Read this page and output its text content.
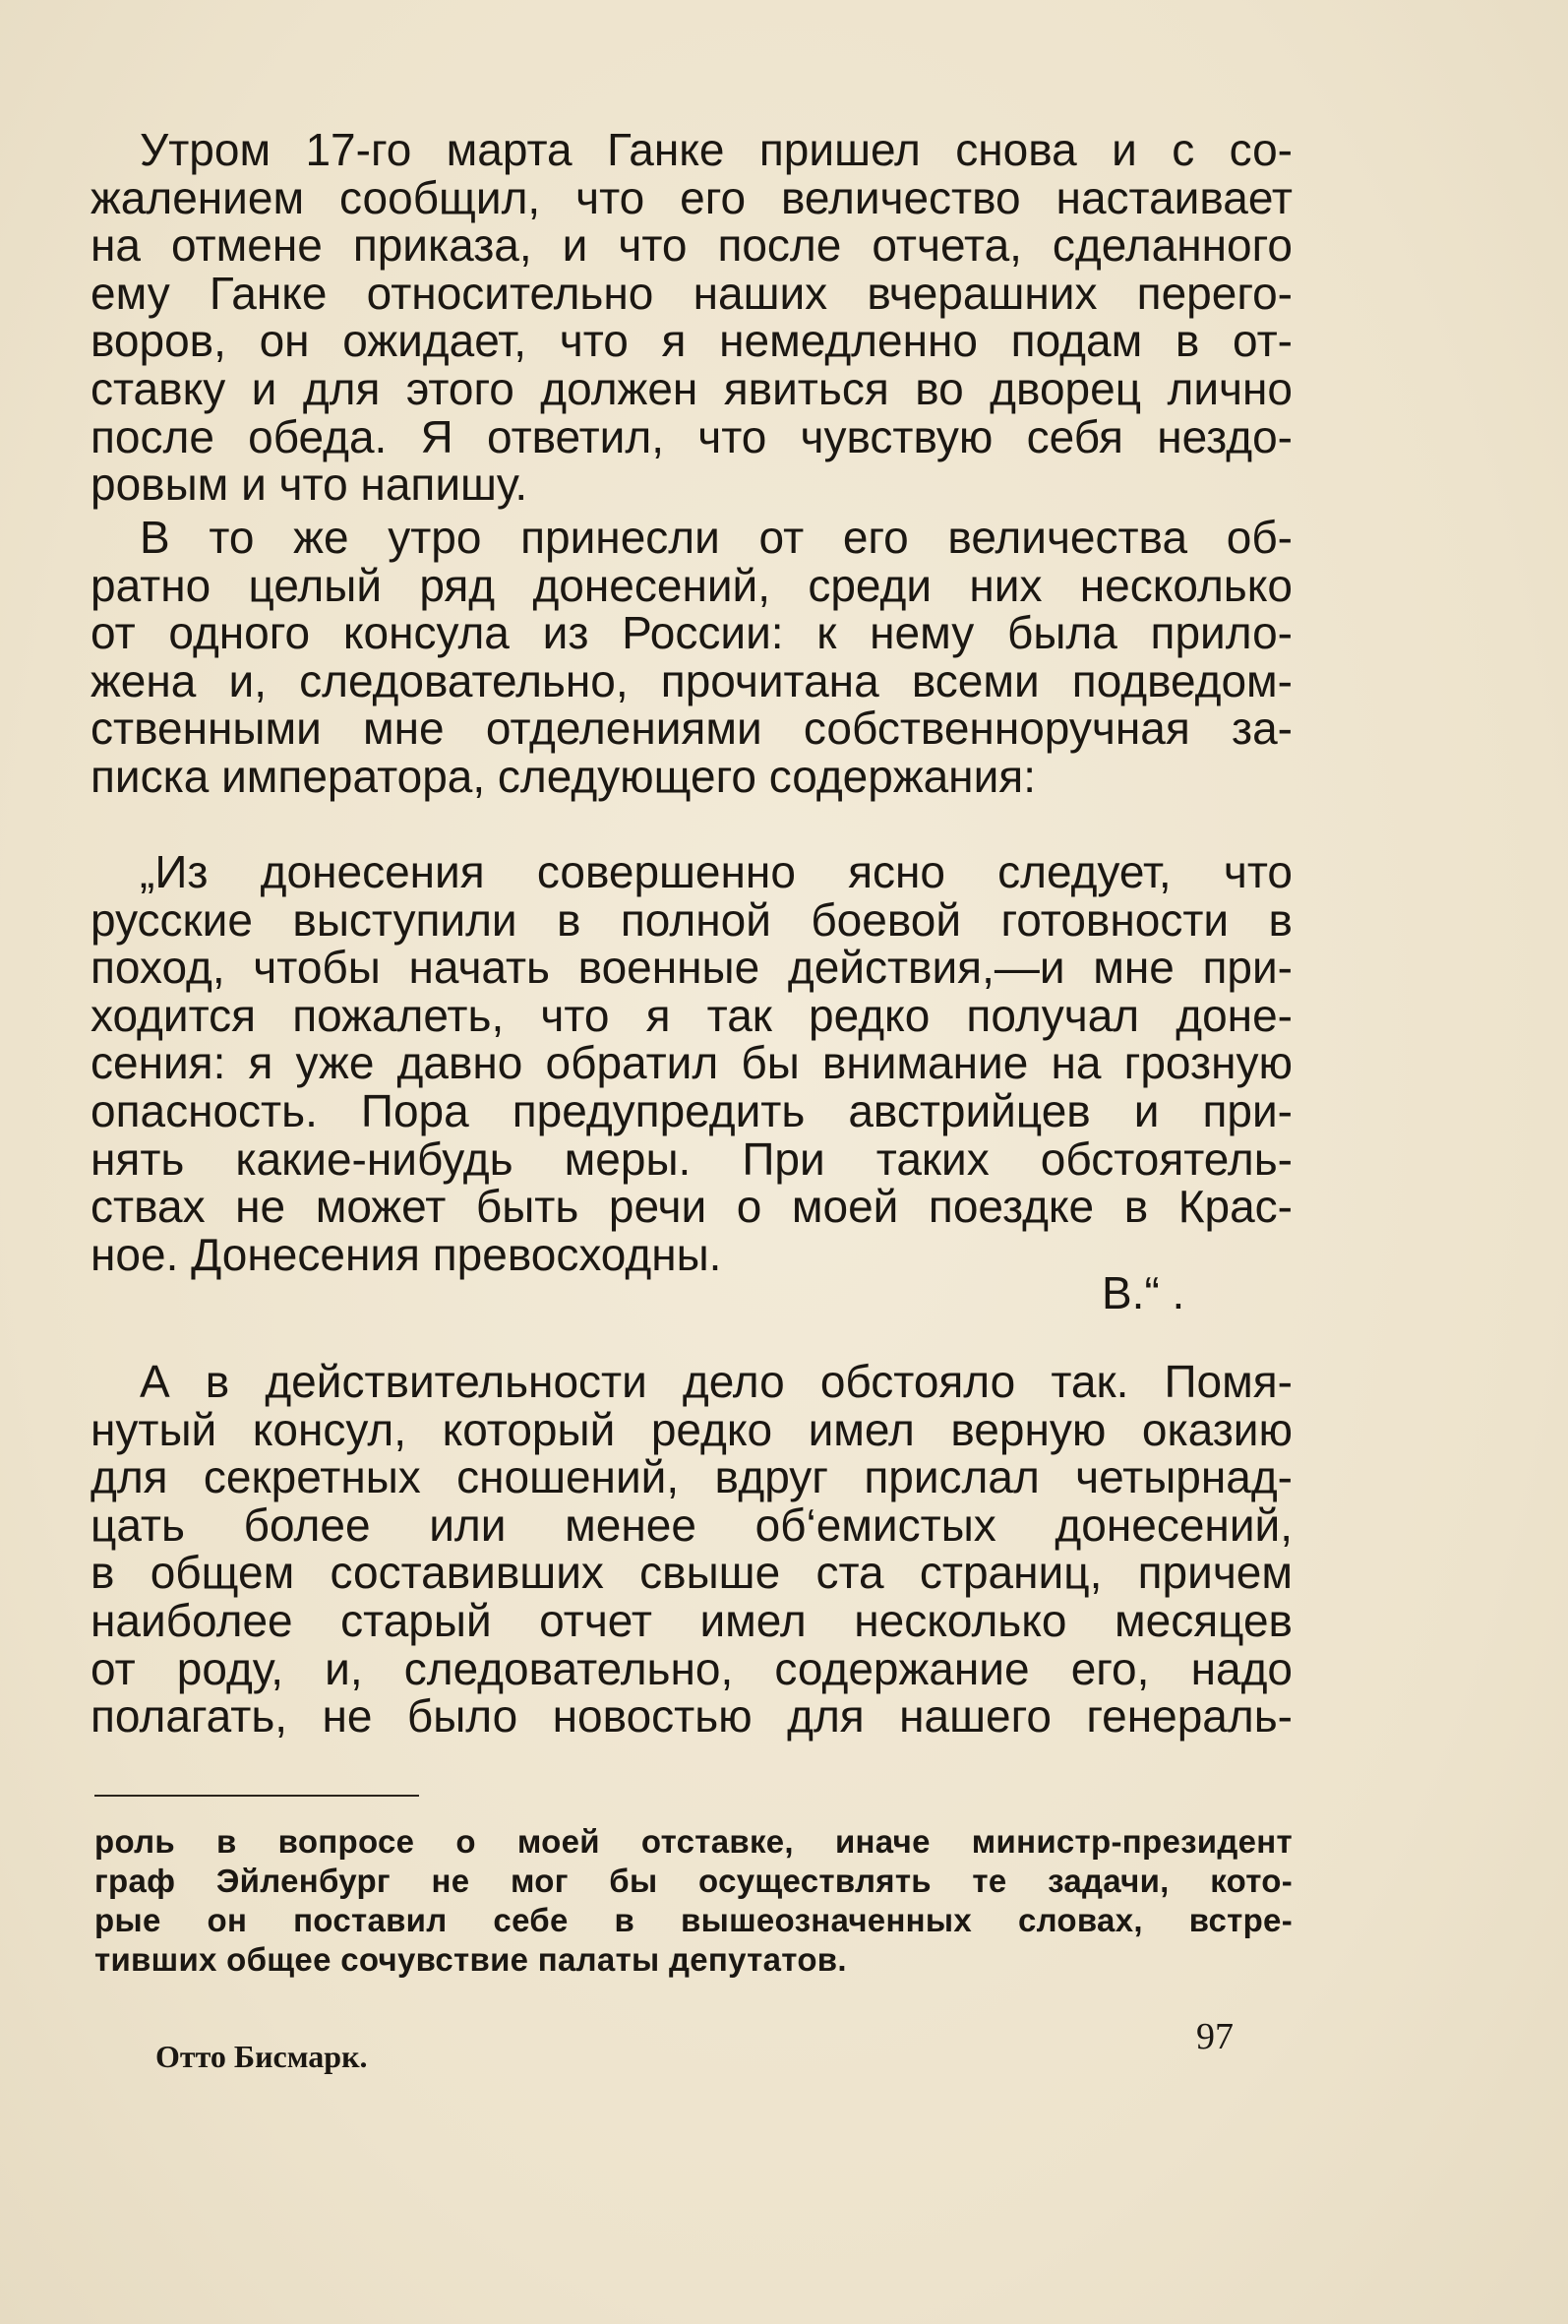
Утром 17-го марта Ганке пришел снова и с со-
жалением сообщил, что его величество настаивает
на отмене приказа, и что после отчета, сделанного
ему Ганке относительно наших вчерашних перего-
воров, он ожидает, что я немедленно подам в от-
ставку и для этого должен явиться во дворец лично
после обеда. Я ответил, что чувствую себя нездо-
ровым и что напишу.
В то же утро принесли от его величества об-
ратно целый ряд донесений, среди них несколько
от одного консула из России: к нему была прило-
жена и, следовательно, прочитана всеми подведом-
ственными мне отделениями собственноручная за-
писка императора, следующего содержания:
„Из донесения совершенно ясно следует, что
русские выступили в полной боевой готовности в
поход, чтобы начать военные действия,—и мне при-
ходится пожалеть, что я так редко получал доне-
сения: я уже давно обратил бы внимание на грозную
опасность. Пора предупредить австрийцев и при-
нять какие-нибудь меры. При таких обстоятель-
ствах не может быть речи о моей поездке в Крас-
ное. Донесения превосходны.
В.“ .
А в действительности дело обстояло так. Помя-
нутый консул, который редко имел верную оказию
для секретных сношений, вдруг прислал четырнад-
цать более или менее об‘емистых донесений,
в общем составивших свыше ста страниц, причем
наиболее старый отчет имел несколько месяцев
от роду, и, следовательно, содержание его, надо
полагать, не было новостью для нашего генераль-
роль в вопросе о моей отставке, иначе министр-президент
граф Эйленбург не мог бы осуществлять те задачи, кото-
рые он поставил себе в вышеозначенных словах, встре-
тивших общее сочувствие палаты депутатов.
Отто Бисмарк.	97
